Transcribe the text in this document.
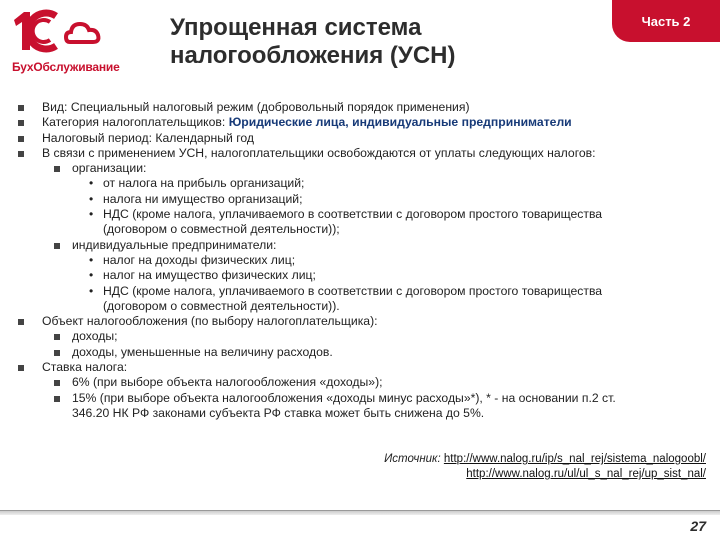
БухОбслуживание
Упрощенная система
налогообложения (УСН)
Часть 2
Вид: Специальный налоговый режим (добровольный порядок применения)
Категория налогоплательщиков: Юридические лица, индивидуальные предприниматели
Налоговый период: Календарный год
В связи с применением УСН, налогоплательщики освобождаются от уплаты следующих налогов:
организации:
• от налога на прибыль организаций;
• налога ни имущество организаций;
• НДС (кроме налога, уплачиваемого в соответствии с договором простого товарищества
(договором о совместной деятельности));
индивидуальные предприниматели:
• налог на доходы физических лиц;
• налог на имущество физических лиц;
• НДС (кроме налога, уплачиваемого в соответствии с договором простого товарищества
(договором о совместной деятельности)).
Объект налогообложения (по выбору налогоплательщика):
доходы;
доходы, уменьшенные на величину расходов.
Ставка налога:
6% (при выборе объекта налогообложения «доходы»);
15% (при выборе объекта налогообложения «доходы минус расходы»*), * - на основании п.2 ст.
346.20 НК РФ законами субъекта РФ ставка может быть снижена до 5%.
Источник: http://www.nalog.ru/ip/s_nal_rej/sistema_nalogoobl/
http://www.nalog.ru/ul/ul_s_nal_rej/up_sist_nal/
27
